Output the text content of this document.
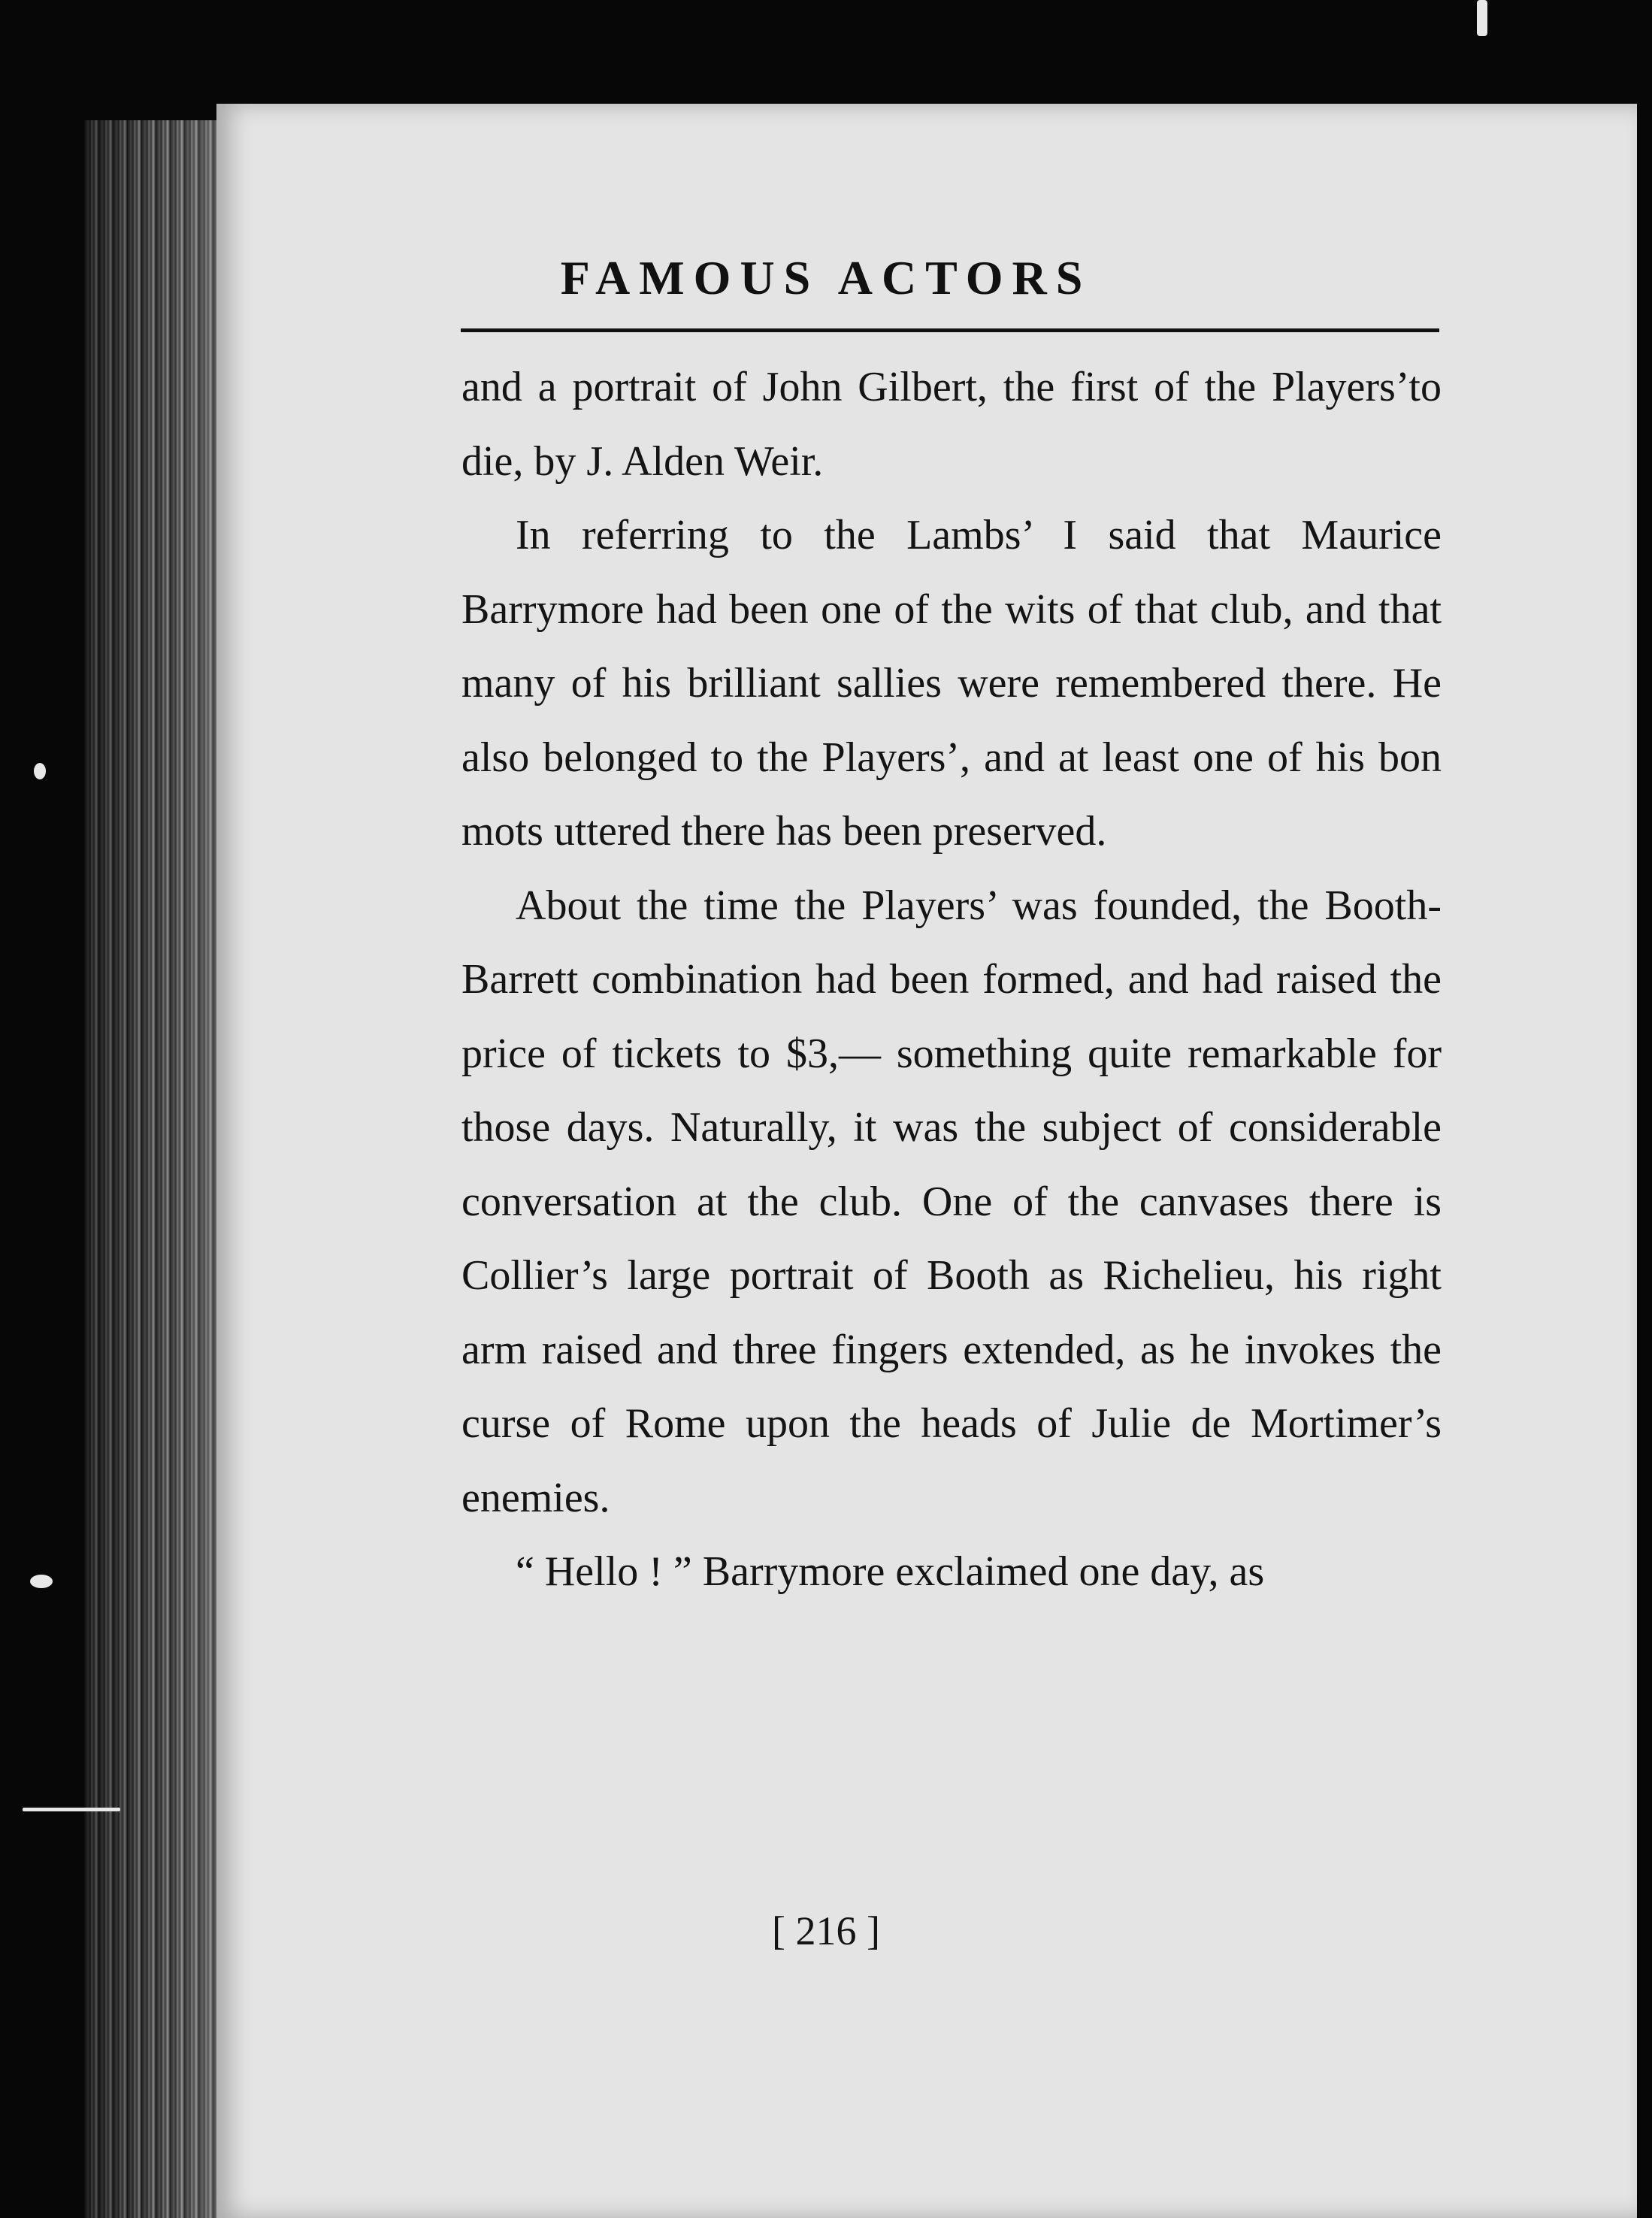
FAMOUS ACTORS

and a portrait of John Gilbert, the first of the Players’to die, by J. Alden Weir.

In referring to the Lambs’ I said that Maurice Barrymore had been one of the wits of that club, and that many of his brilliant sallies were remembered there. He also belonged to the Players’, and at least one of his bon mots uttered there has been preserved.

About the time the Players’ was founded, the Booth-Barrett combination had been formed, and had raised the price of tickets to $3,— something quite remarkable for those days. Naturally, it was the subject of considerable conversation at the club. One of the canvases there is Collier’s large portrait of Booth as Richelieu, his right arm raised and three fingers extended, as he invokes the curse of Rome upon the heads of Julie de Mortimer’s enemies.

“ Hello ! ” Barrymore exclaimed one day, as

[ 216 ]
